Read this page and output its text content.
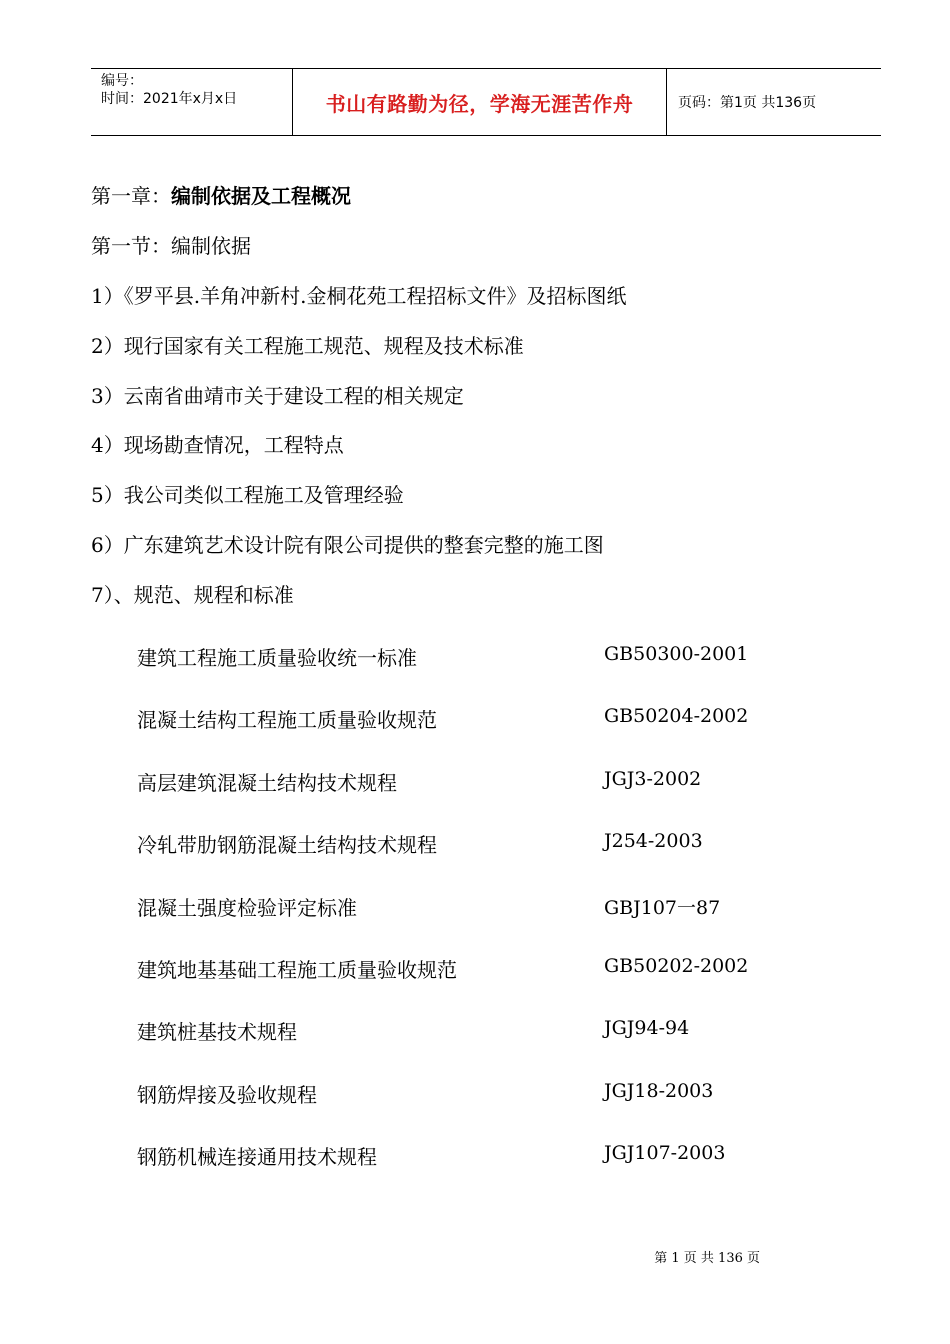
编号：
时间：2021年x月x日	书山有路勤为径，学海无涯苦作舟	页码：第1页 共136页
第一章：编制依据及工程概况
第一节：编制依据
1）《罗平县.羊角冲新村.金桐花苑工程招标文件》及招标图纸
2）现行国家有关工程施工规范、规程及技术标准
3）云南省曲靖市关于建设工程的相关规定
4）现场勘查情况，工程特点
5）我公司类似工程施工及管理经验
6）广东建筑艺术设计院有限公司提供的整套完整的施工图
7）、规范、规程和标准
建筑工程施工质量验收统一标准	GB50300-2001
混凝土结构工程施工质量验收规范	GB50204-2002
高层建筑混凝土结构技术规程	JGJ3-2002
冷轧带肋钢筋混凝土结构技术规程	J254-2003
混凝土强度检验评定标准	GBJ107一87
建筑地基基础工程施工质量验收规范	GB50202-2002
建筑桩基技术规程	JGJ94-94
钢筋焊接及验收规程	JGJ18-2003
钢筋机械连接通用技术规程	JGJ107-2003
第 1 页 共 136 页
